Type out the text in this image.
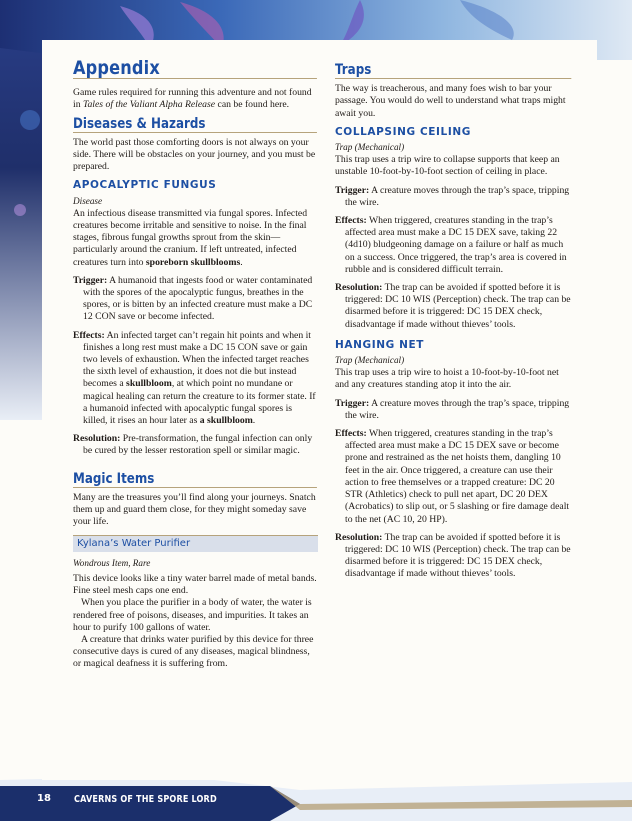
Appendix

Game rules required for running this adventure and not found in Tales of the Valiant Alpha Release can be found here.

Diseases & Hazards

The world past those comforting doors is not always on your side. There will be obstacles on your journey, and you must be prepared.

APOCALYPTIC FUNGUS
Disease

An infectious disease transmitted via fungal spores. Infected creatures become irritable and sensitive to noise. In the final stages, fibrous fungal growths sprout from the skin—particularly around the cranium. If left untreated, infected creatures turn into sporeborn skullblooms.

Trigger: A humanoid that ingests food or water contaminated with the spores of the apocalyptic fungus, breathes in the spores, or is bitten by an infected creature must make a DC 12 CON save or become infected.
Effects: An infected target can’t regain hit points and when it finishes a long rest must make a DC 15 CON save or gain two levels of exhaustion. When the infected target reaches the sixth level of exhaustion, it does not die but instead becomes a skullbloom, at which point no mundane or magical healing can return the creature to its former state. If a humanoid infected with apocalyptic fungal spores is killed, it rises an hour later as a skullbloom.
Resolution: Pre-transformation, the fungal infection can only be cured by the lesser restoration spell or similar magic.
Magic Items

Many are the treasures you’ll find along your journeys. Snatch them up and guard them close, for they might someday save your life.

Kylana’s Water Purifier
Wondrous Item, Rare

This device looks like a tiny water barrel made of metal bands. Fine steel mesh caps one end.

When you place the purifier in a body of water, the water is rendered free of poisons, diseases, and impurities. It takes an hour to purify 100 gallons of water.

A creature that drinks water purified by this device for three consecutive days is cured of any diseases, magical blindness, or magical deafness it is suffering from.

Traps

The way is treacherous, and many foes wish to bar your passage. You would do well to understand what traps might await you.

COLLAPSING CEILING
Trap (Mechanical)

This trap uses a trip wire to collapse supports that keep an unstable 10-foot-by-10-foot section of ceiling in place.

Trigger: A creature moves through the trap’s space, tripping the wire.
Effects: When triggered, creatures standing in the trap’s affected area must make a DC 15 DEX save, taking 22 (4d10) bludgeoning damage on a failure or half as much on a success. Once triggered, the trap’s area is covered in rubble and is considered difficult terrain.
Resolution: The trap can be avoided if spotted before it is triggered: DC 10 WIS (Perception) check. The trap can be disarmed before it is triggered: DC 15 DEX check, disadvantage if made without thieves’ tools.
HANGING NET
Trap (Mechanical)

This trap uses a trip wire to hoist a 10-foot-by-10-foot net and any creatures standing atop it into the air.

Trigger: A creature moves through the trap’s space, tripping the wire.
Effects: When triggered, creatures standing in the trap’s affected area must make a DC 15 DEX save or become prone and restrained as the net hoists them, dangling 10 feet in the air. Once triggered, a creature can use their action to free themselves or a trapped creature: DC 20 STR (Athletics) check to pull net apart, DC 20 DEX (Acrobatics) to slip out, or 5 slashing or fire damage dealt to the net (AC 10, 20 HP).
Resolution: The trap can be avoided if spotted before it is triggered: DC 10 WIS (Perception) check. The trap can be disarmed before it is triggered: DC 15 DEX check, disadvantage if made without thieves’ tools.
18 CAVERNS OF THE SPORE LORD
